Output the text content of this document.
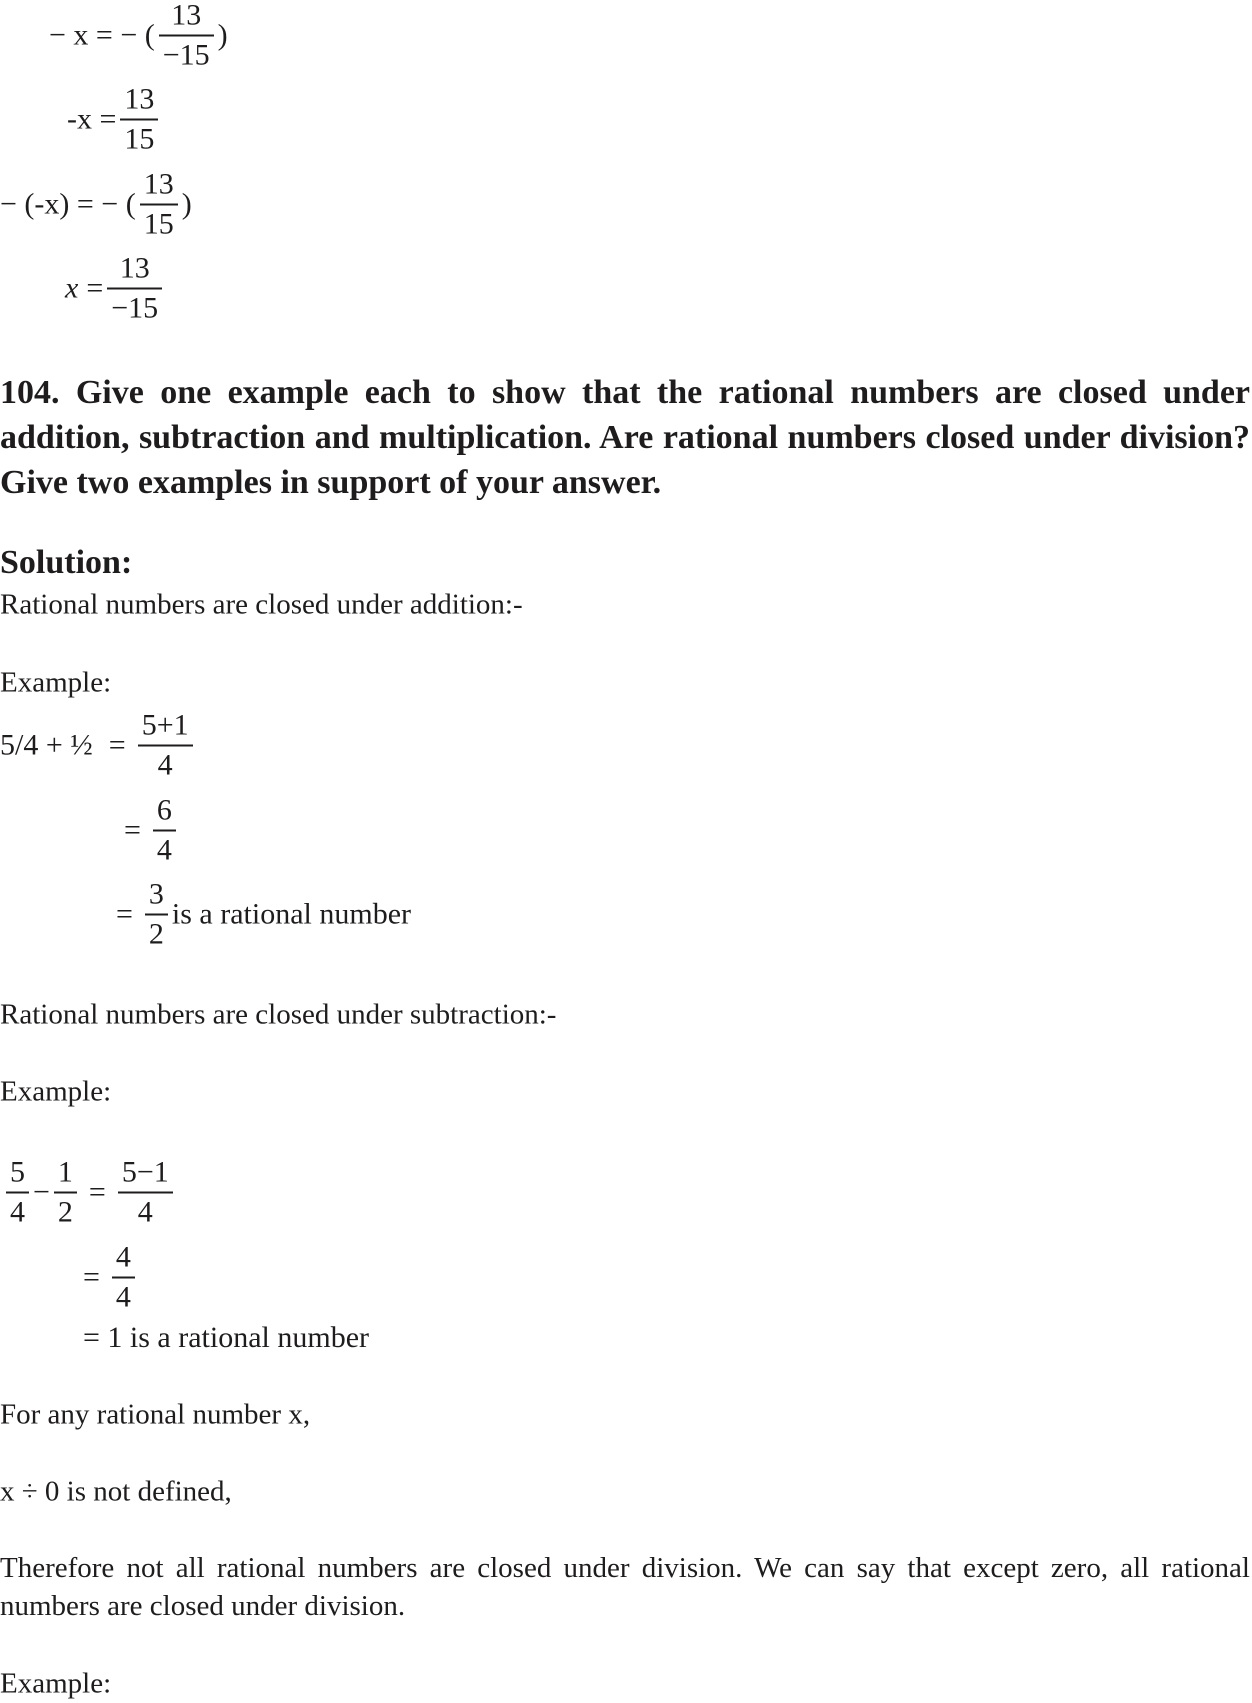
− x = − ( $\frac{13}{-15}$ )
$-x = \frac{13}{15}$
− (-x) = − ( $\frac{13}{15}$ )
$x = \frac{13}{-15}$
104. Give one example each to show that the rational numbers are closed under addition, subtraction and multiplication. Are rational numbers closed under division? Give two examples in support of your answer.
Solution:
Rational numbers are closed under addition:-
Example:
5/4 + ½ = $\frac{5+1}{4}$
= $\frac{6}{4}$
= $\frac{3}{2}$ is a rational number
Rational numbers are closed under subtraction:-
Example:
$\frac{5}{4} - \frac{1}{2} = \frac{5-1}{4}$
= $\frac{4}{4}$
= 1 is a rational number
For any rational number x,
x ÷ 0 is not defined,
Therefore not all rational numbers are closed under division. We can say that except zero, all rational numbers are closed under division.
Example:
